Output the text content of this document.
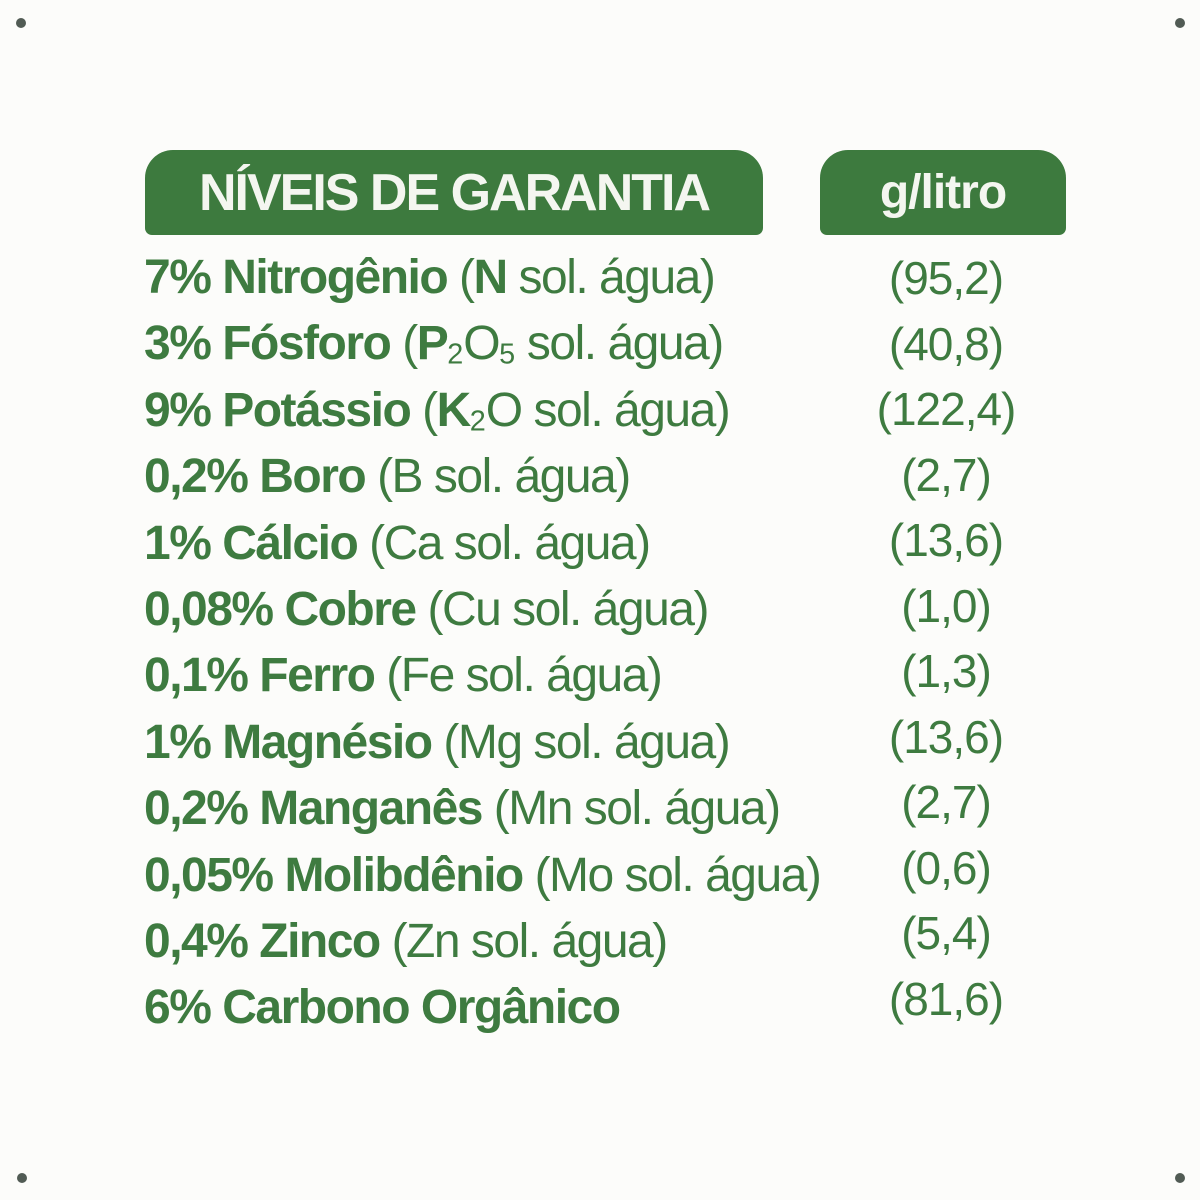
NÍVEIS DE GARANTIA	g/litro
7% Nitrogênio (N sol. água)
3% Fósforo (P2O5 sol. água)
9% Potássio (K2O sol. água)
0,2% Boro (B sol. água)
1% Cálcio (Ca sol. água)
0,08% Cobre (Cu sol. água)
0,1% Ferro (Fe sol. água)
1% Magnésio (Mg sol. água)
0,2% Manganês (Mn sol. água)
0,05% Molibdênio (Mo sol. água)
0,4% Zinco (Zn sol. água)
6% Carbono Orgânico
(95,2)
(40,8)
(122,4)
(2,7)
(13,6)
(1,0)
(1,3)
(13,6)
(2,7)
(0,6)
(5,4)
(81,6)
